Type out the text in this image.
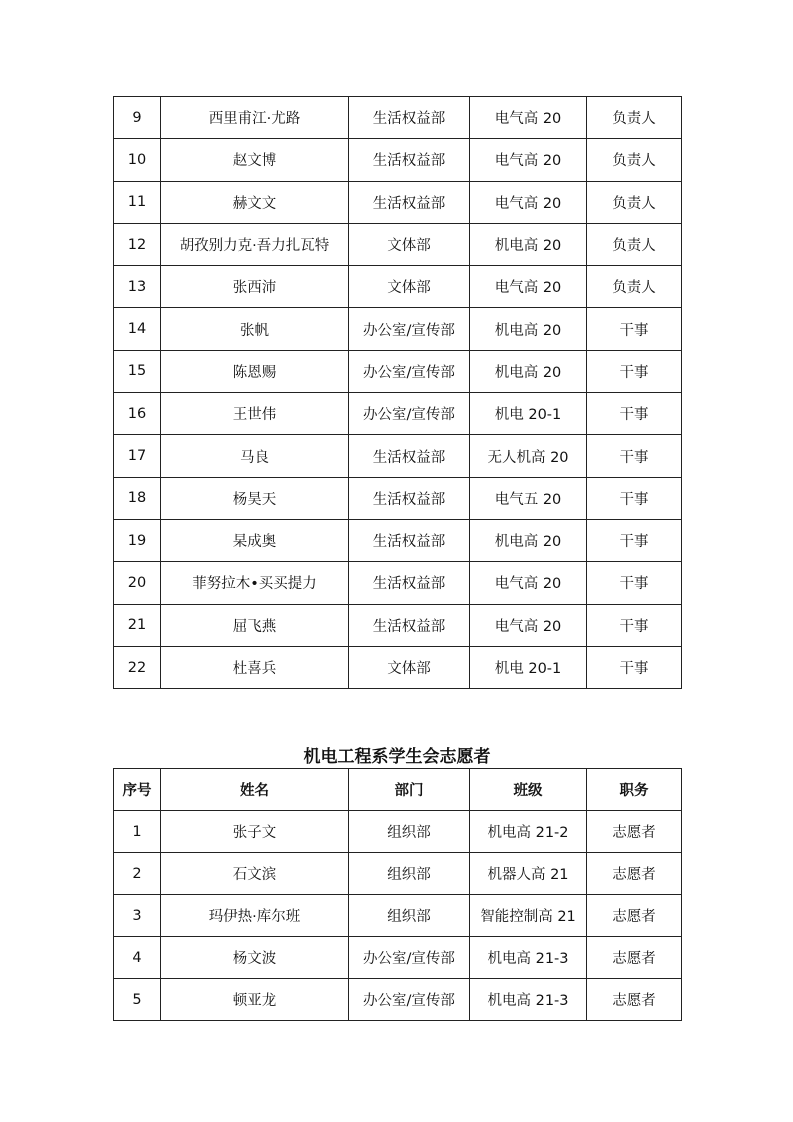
9	西里甫江·尤路	生活权益部	电气高 20	负责人
10	赵文博	生活权益部	电气高 20	负责人
11	赫文文	生活权益部	电气高 20	负责人
12	胡孜别力克·吾力扎瓦特	文体部	机电高 20	负责人
13	张西沛	文体部	电气高 20	负责人
14	张帆	办公室/宣传部	机电高 20	干事
15	陈恩赐	办公室/宣传部	机电高 20	干事
16	王世伟	办公室/宣传部	机电 20-1	干事
17	马良	生活权益部	无人机高 20	干事
18	杨昊天	生活权益部	电气五 20	干事
19	杲成奥	生活权益部	机电高 20	干事
20	菲努拉木•买买提力	生活权益部	电气高 20	干事
21	屈飞燕	生活权益部	电气高 20	干事
22	杜喜兵	文体部	机电 20-1	干事
机电工程系学生会志愿者
序号	姓名	部门	班级	职务
1	张子文	组织部	机电高 21-2	志愿者
2	石文滨	组织部	机器人高 21	志愿者
3	玛伊热·库尔班	组织部	智能控制高 21	志愿者
4	杨文波	办公室/宣传部	机电高 21-3	志愿者
5	顿亚龙	办公室/宣传部	机电高 21-3	志愿者
